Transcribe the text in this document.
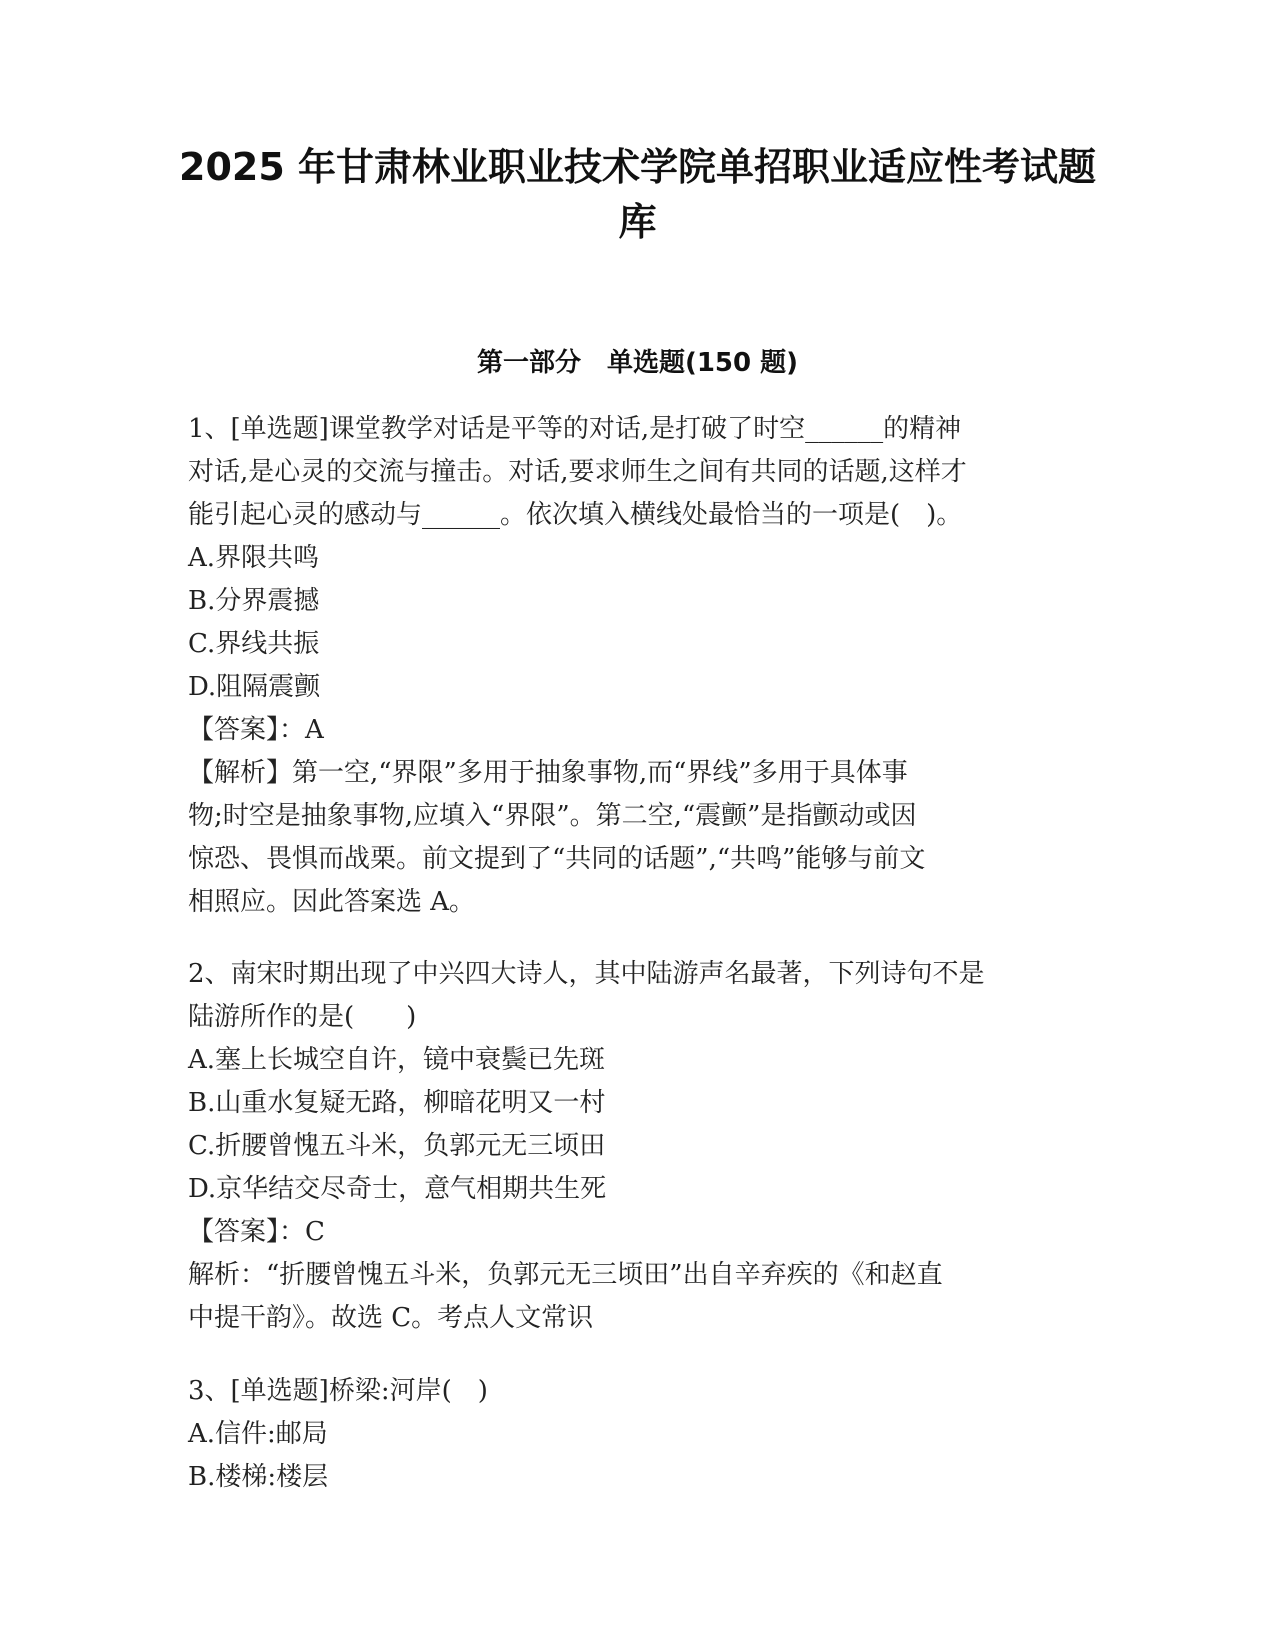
2025 年甘肃林业职业技术学院单招职业适应性考试题
库
第一部分　单选题(150 题)
1、[单选题]课堂教学对话是平等的对话,是打破了时空______的精神
对话,是心灵的交流与撞击。对话,要求师生之间有共同的话题,这样才
能引起心灵的感动与______。依次填入横线处最恰当的一项是(　)。
A.界限共鸣
B.分界震撼
C.界线共振
D.阻隔震颤
【答案】：A
【解析】第一空,“界限”多用于抽象事物,而“界线”多用于具体事
物;时空是抽象事物,应填入“界限”。第二空,“震颤”是指颤动或因
惊恐、畏惧而战栗。前文提到了“共同的话题”,“共鸣”能够与前文
相照应。因此答案选 A。
2、南宋时期出现了中兴四大诗人，其中陆游声名最著，下列诗句不是
陆游所作的是(　　)
A.塞上长城空自许，镜中衰鬓已先斑
B.山重水复疑无路，柳暗花明又一村
C.折腰曾愧五斗米，负郭元无三顷田
D.京华结交尽奇士，意气相期共生死
【答案】：C
解析：“折腰曾愧五斗米，负郭元无三顷田”出自辛弃疾的《和赵直
中提干韵》。故选 C。考点人文常识
3、[单选题]桥梁:河岸(　)
A.信件:邮局
B.楼梯:楼层
